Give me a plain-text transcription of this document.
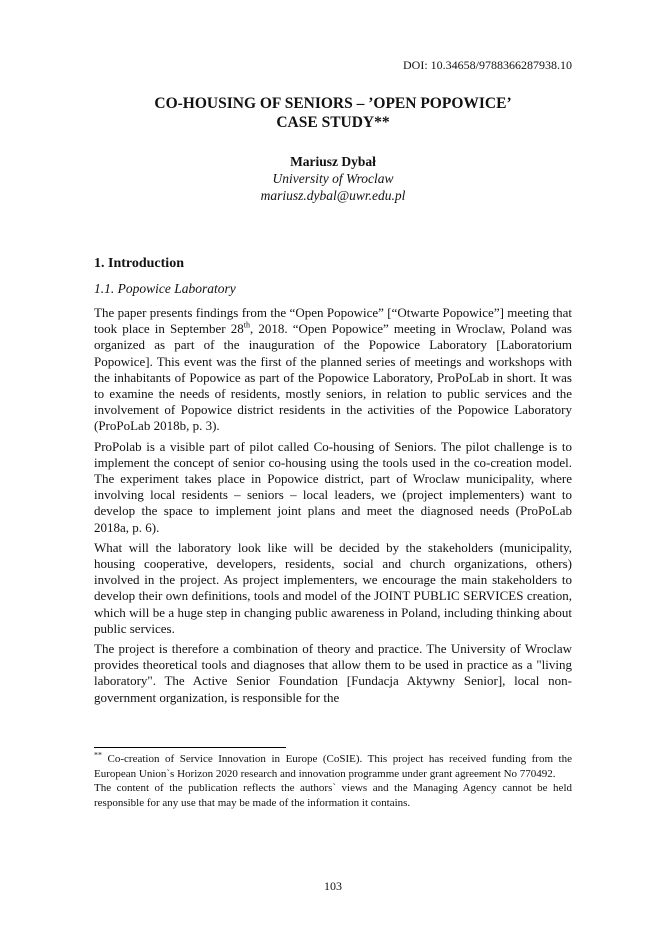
DOI: 10.34658/9788366287938.10
CO-HOUSING OF SENIORS – ’OPEN POPOWICE’
CASE STUDY**
Mariusz Dybał
University of Wroclaw
mariusz.dybal@uwr.edu.pl
1. Introduction
1.1. Popowice Laboratory

The paper presents findings from the “Open Popowice” [“Otwarte Popowice”] meeting that took place in September 28th, 2018. “Open Popowice” meeting in Wroclaw, Poland was organized as part of the inauguration of the Popowice Laboratory [Laboratorium Popowice]. This event was the first of the planned series of meetings and workshops with the inhabitants of Popowice as part of the Popowice Laboratory, ProPoLab in short. It was to examine the needs of residents, mostly seniors, in relation to public services and the involvement of Popowice district residents in the activities of the Popowice Laboratory (ProPoLab 2018b, p. 3).

ProPolab is a visible part of pilot called Co-housing of Seniors. The pilot challenge is to implement the concept of senior co-housing using the tools used in the co-creation model. The experiment takes place in Popowice district, part of Wroclaw municipality, where involving local residents – seniors – local leaders, we (project implementers) want to develop the space to implement joint plans and meet the diagnosed needs (ProPoLab 2018a, p. 6).

What will the laboratory look like will be decided by the stakeholders (municipality, housing cooperative, developers, residents, social and church organizations, others) involved in the project. As project implementers, we encourage the main stakeholders to develop their own definitions, tools and model of the JOINT PUBLIC SERVICES creation, which will be a huge step in changing public awareness in Poland, including thinking about public services.

The project is therefore a combination of theory and practice. The University of Wroclaw provides theoretical tools and diagnoses that allow them to be used in practice as a "living laboratory". The Active Senior Foundation [Fundacja Aktywny Senior], local non-government organization, is responsible for the

** Co-creation of Service Innovation in Europe (CoSIE). This project has received funding from the European Union`s Horizon 2020 research and innovation programme under grant agreement No 770492.

The content of the publication reflects the authors` views and the Managing Agency cannot be held responsible for any use that may be made of the information it contains.

103
